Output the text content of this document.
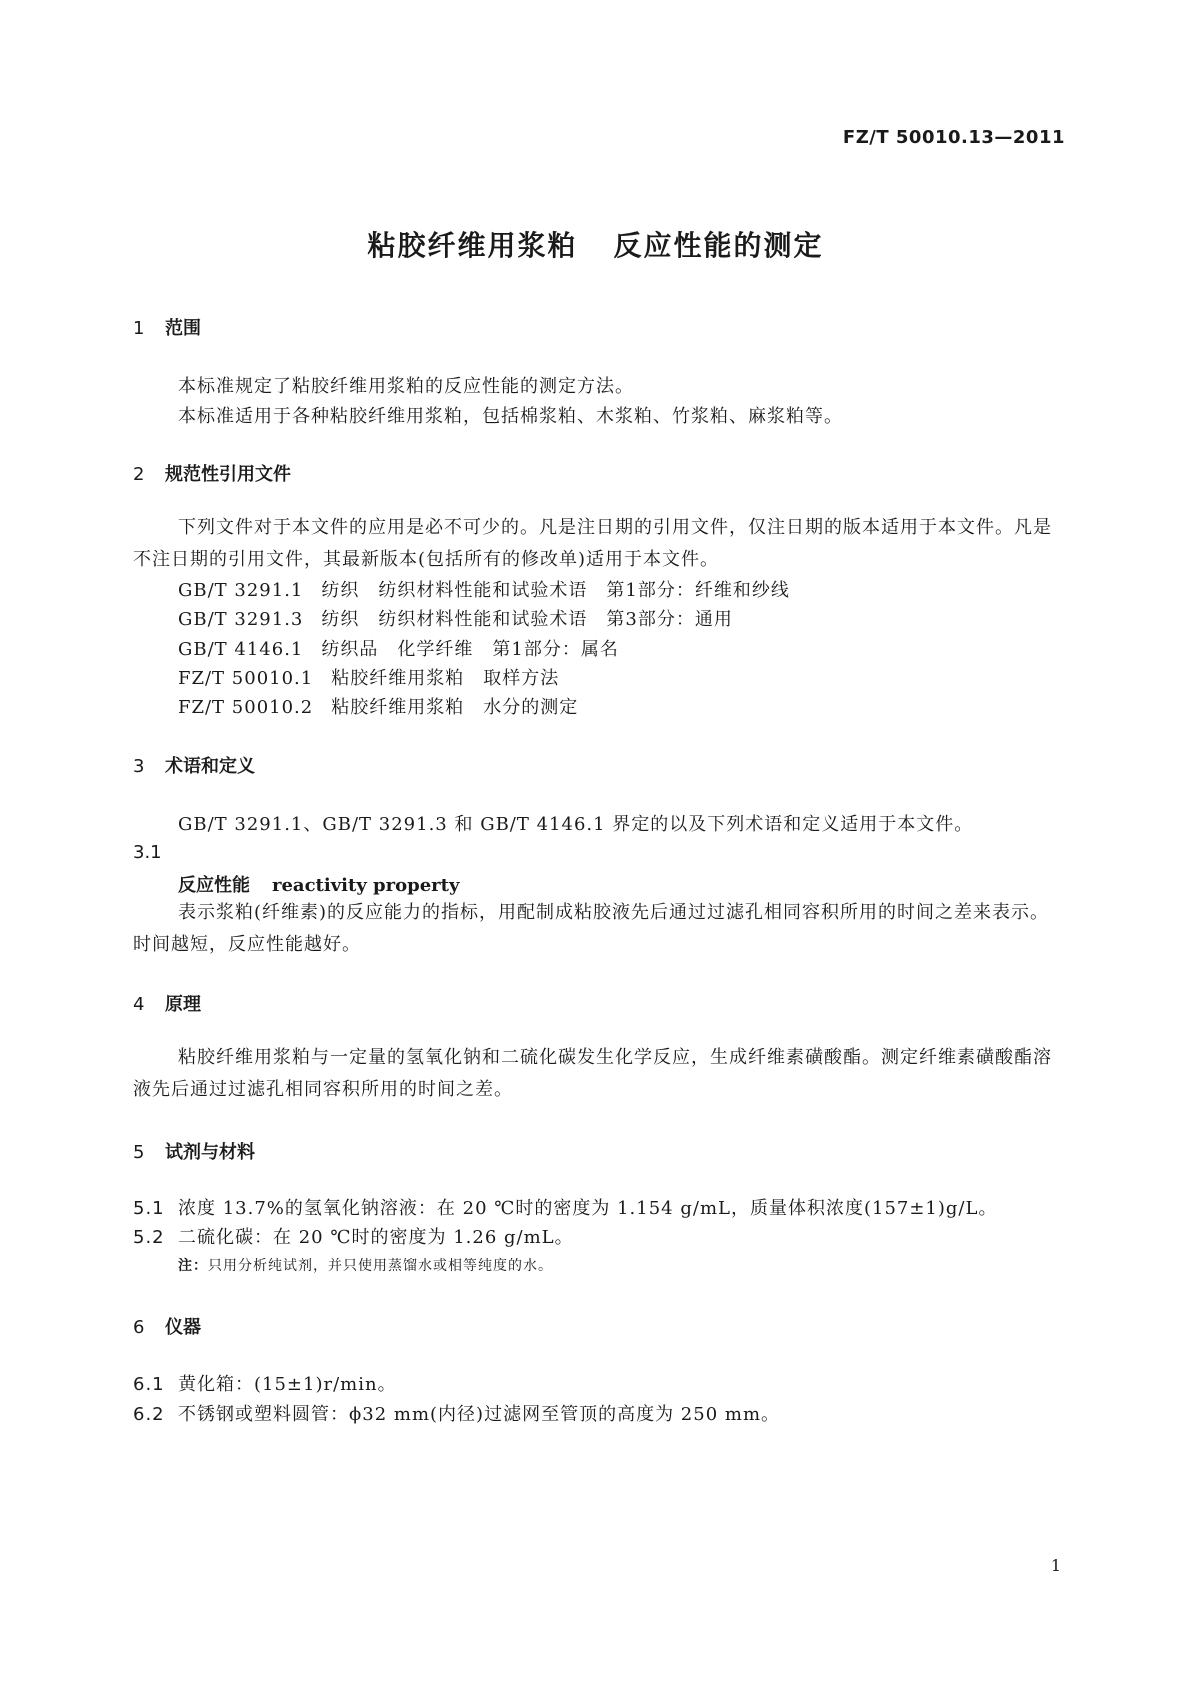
FZ/T 50010.13—2011
粘胶纤维用浆粕 反应性能的测定
1 范围
本标准规定了粘胶纤维用浆粕的反应性能的测定方法。
本标准适用于各种粘胶纤维用浆粕，包括棉浆粕、木浆粕、竹浆粕、麻浆粕等。
2 规范性引用文件
下列文件对于本文件的应用是必不可少的。凡是注日期的引用文件，仅注日期的版本适用于本文件。凡是不注日期的引用文件，其最新版本(包括所有的修改单)适用于本文件。
GB/T 3291.1 纺织　纺织材料性能和试验术语　第1部分：纤维和纱线
GB/T 3291.3 纺织　纺织材料性能和试验术语　第3部分：通用
GB/T 4146.1 纺织品　化学纤维　第1部分：属名
FZ/T 50010.1 粘胶纤维用浆粕　取样方法
FZ/T 50010.2 粘胶纤维用浆粕　水分的测定
3 术语和定义
GB/T 3291.1、GB/T 3291.3 和 GB/T 4146.1 界定的以及下列术语和定义适用于本文件。
3.1
反应性能 reactivity property
表示浆粕(纤维素)的反应能力的指标，用配制成粘胶液先后通过过滤孔相同容积所用的时间之差来表示。时间越短，反应性能越好。
4 原理
粘胶纤维用浆粕与一定量的氢氧化钠和二硫化碳发生化学反应，生成纤维素磺酸酯。测定纤维素磺酸酯溶液先后通过过滤孔相同容积所用的时间之差。
5 试剂与材料
5.1 浓度 13.7%的氢氧化钠溶液：在 20 ℃时的密度为 1.154 g/mL，质量体积浓度(157±1)g/L。
5.2 二硫化碳：在 20 ℃时的密度为 1.26 g/mL。
注：只用分析纯试剂，并只使用蒸馏水或相等纯度的水。
6 仪器
6.1 黄化箱：(15±1)r/min。
6.2 不锈钢或塑料圆管：ϕ32 mm(内径)过滤网至管顶的高度为 250 mm。
1
